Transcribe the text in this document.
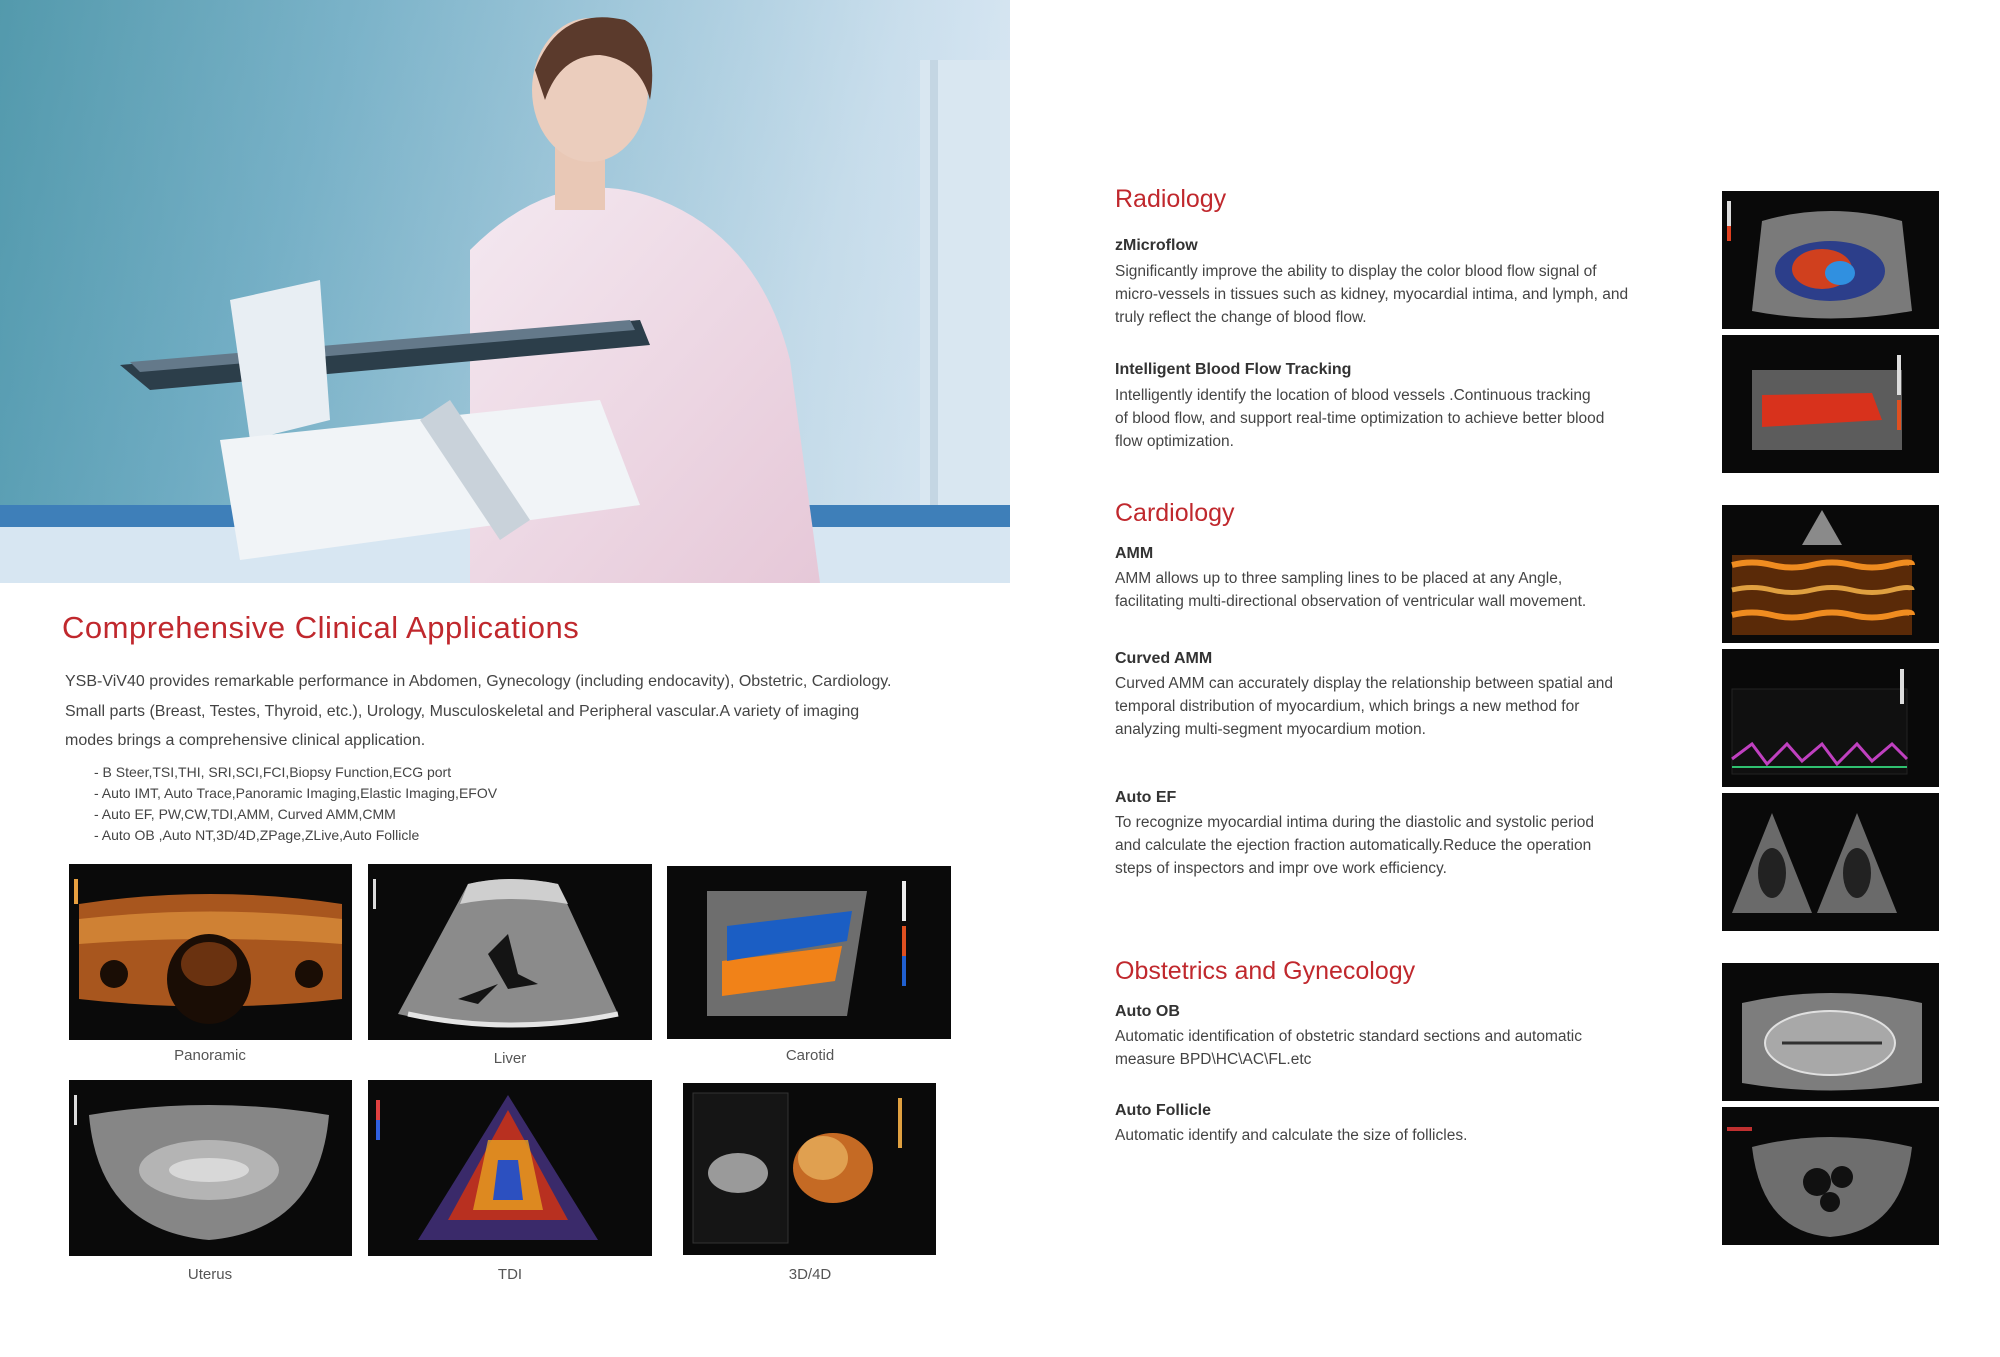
Comprehensive Clinical Applications
YSB-ViV40 provides remarkable performance in Abdomen, Gynecology (including endocavity), Obstetric, Cardiology.
Small parts (Breast, Testes, Thyroid, etc.), Urology, Musculoskeletal and Peripheral vascular.A variety of imaging
modes brings a comprehensive clinical application.
- B Steer,TSI,THI, SRI,SCI,FCI,Biopsy Function,ECG port
- Auto IMT, Auto Trace,Panoramic Imaging,Elastic Imaging,EFOV
- Auto EF, PW,CW,TDI,AMM, Curved AMM,CMM
- Auto OB ,Auto NT,3D/4D,ZPage,ZLive,Auto Follicle
Panoramic	Liver	Carotid
Uterus	TDI	3D/4D
Radiology
zMicroflow
Significantly improve the ability to display the color blood flow signal of
micro-vessels in tissues such as kidney, myocardial intima, and lymph, and
truly reflect the change of blood flow.
Intelligent Blood Flow Tracking
Intelligently identify the location of blood vessels .Continuous tracking
of blood flow, and support real-time optimization to achieve better blood
flow optimization.
Cardiology
AMM
AMM allows up to three sampling lines to be placed at any Angle,
facilitating multi-directional observation of ventricular wall movement.
Curved AMM
Curved AMM can accurately display the relationship between spatial and
temporal distribution of myocardium, which brings a new method for
analyzing multi-segment myocardium motion.
Auto EF
To recognize myocardial intima during the diastolic and systolic period
and calculate the ejection fraction automatically.Reduce the operation
steps of inspectors and impr ove work efficiency.
Obstetrics and Gynecology
Auto OB
Automatic identification of obstetric standard sections and automatic
measure BPD\HC\AC\FL.etc
Auto Follicle
Automatic identify and calculate the size of follicles.
